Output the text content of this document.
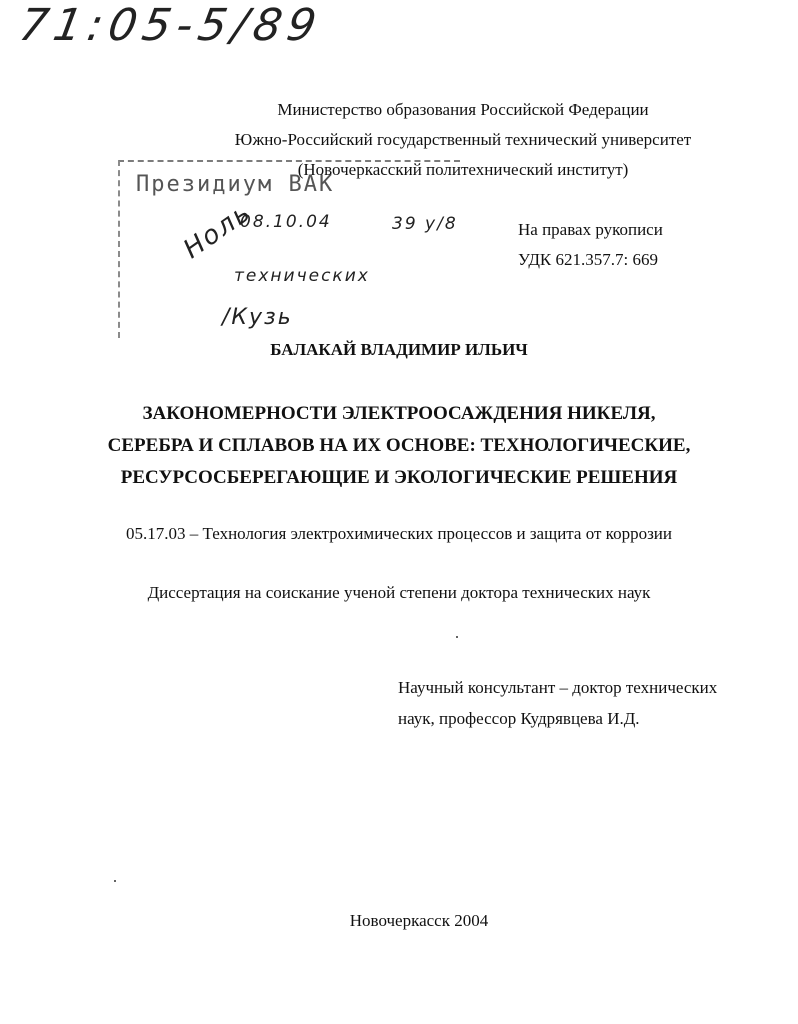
71:05-5/89
Президиум ВАК
Ноль
08.10.04	39 у/8
технических
/Кузь
Министерство образования Российской Федерации
Южно-Российский государственный технический университет
(Новочеркасский политехнический институт)
На правах рукописи
УДК 621.357.7: 669
БАЛАКАЙ ВЛАДИМИР ИЛЬИЧ
ЗАКОНОМЕРНОСТИ ЭЛЕКТРООСАЖДЕНИЯ НИКЕЛЯ,
СЕРЕБРА И СПЛАВОВ НА ИХ ОСНОВЕ: ТЕХНОЛОГИЧЕСКИЕ,
РЕСУРСОСБЕРЕГАЮЩИЕ И ЭКОЛОГИЧЕСКИЕ РЕШЕНИЯ
05.17.03 – Технология электрохимических процессов и защита от коррозии
Диссертация на соискание ученой степени доктора технических наук
Научный консультант – доктор технических
наук, профессор Кудрявцева И.Д.
Новочеркасск 2004
